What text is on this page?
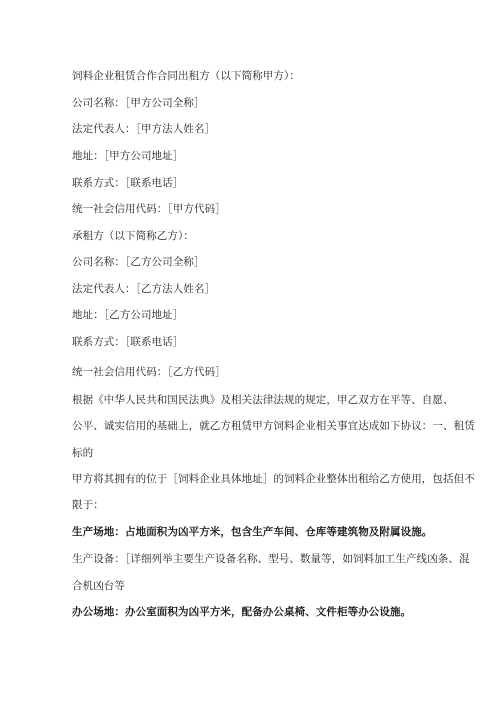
饲料企业租赁合作合同出租方（以下简称甲方）：
公司名称：［甲方公司全称］
法定代表人：［甲方法人姓名］
地址：［甲方公司地址］
联系方式：［联系电话］
统一社会信用代码：［甲方代码］
承租方（以下简称乙方）：
公司名称：［乙方公司全称］
法定代表人：［乙方法人姓名］
地址：［乙方公司地址］
联系方式：［联系电话］
统一社会信用代码：［乙方代码］
根据《中华人民共和国民法典》及相关法律法规的规定，甲乙双方在平等、自愿、
公平、诚实信用的基础上，就乙方租赁甲方饲料企业相关事宜达成如下协议：一、租赁
标的
甲方将其拥有的位于［饲料企业具体地址］的饲料企业整体出租给乙方使用，包括但不
限于：
生产场地：占地面积为凶平方米，包含生产车间、仓库等建筑物及附属设施。
生产设备：［详细列举主要生产设备名称、型号、数量等，如饲料加工生产线凶条、混
合机凶台等
办公场地：办公室面积为凶平方米，配备办公桌椅、文件柜等办公设施。
